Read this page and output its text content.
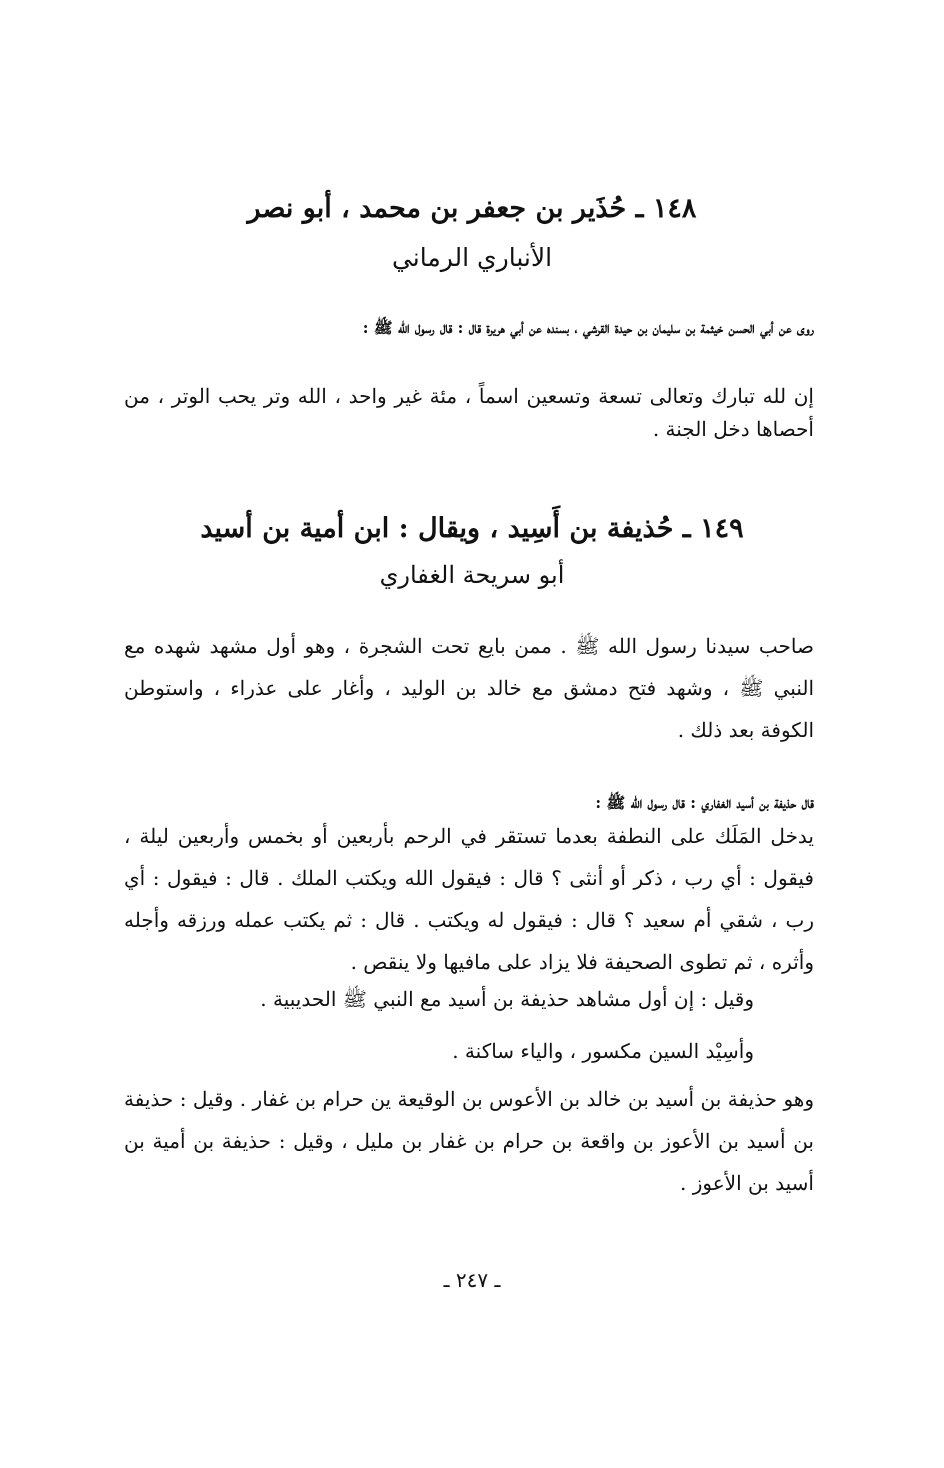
١٤٨ ـ حُذَير بن جعفر بن محمد ، أبو نصر
الأنباري الرماني
روى عن أبي الحسن خيثمة بن سليمان بن حيدة القرشي ، بسنده عن أبي هريرة قال : قال رسول الله ﷺ :
إن لله تبارك وتعالى تسعة وتسعين اسماً ، مئة غير واحد ، الله وتر يحب الوتر ، من أحصاها دخل الجنة .
١٤٩ ـ حُذيفة بن أَسِيد ، ويقال : ابن أمية بن أسيد
أبو سريحة الغفاري
صاحب سيدنا رسول الله ﷺ . ممن بايع تحت الشجرة ، وهو أول مشهد شهده مع النبي ﷺ ، وشهد فتح دمشق مع خالد بن الوليد ، وأغار على عذراء ، واستوطن الكوفة بعد ذلك .
قال حذيفة بن أسيد الغفاري : قال رسول الله ﷺ :
يدخل المَلَك على النطفة بعدما تستقر في الرحم بأربعين أو بخمس وأربعين ليلة ، فيقول : أي رب ، ذكر أو أنثى ؟ قال : فيقول الله ويكتب الملك . قال : فيقول : أي رب ، شقي أم سعيد ؟ قال : فيقول له ويكتب . قال : ثم يكتب عمله ورزقه وأجله وأثره ، ثم تطوى الصحيفة فلا يزاد على مافيها ولا ينقص .
وقيل : إن أول مشاهد حذيفة بن أسيد مع النبي ﷺ الحديبية .
وأسِيْد السين مكسور ، والياء ساكنة .
وهو حذيفة بن أسيد بن خالد بن الأعوس بن الوقيعة ين حرام بن غفار . وقيل : حذيفة بن أسيد بن الأعوز بن واقعة بن حرام بن غفار بن مليل ، وقيل : حذيفة بن أمية بن أسيد بن الأعوز .
ـ ٢٤٧ ـ
